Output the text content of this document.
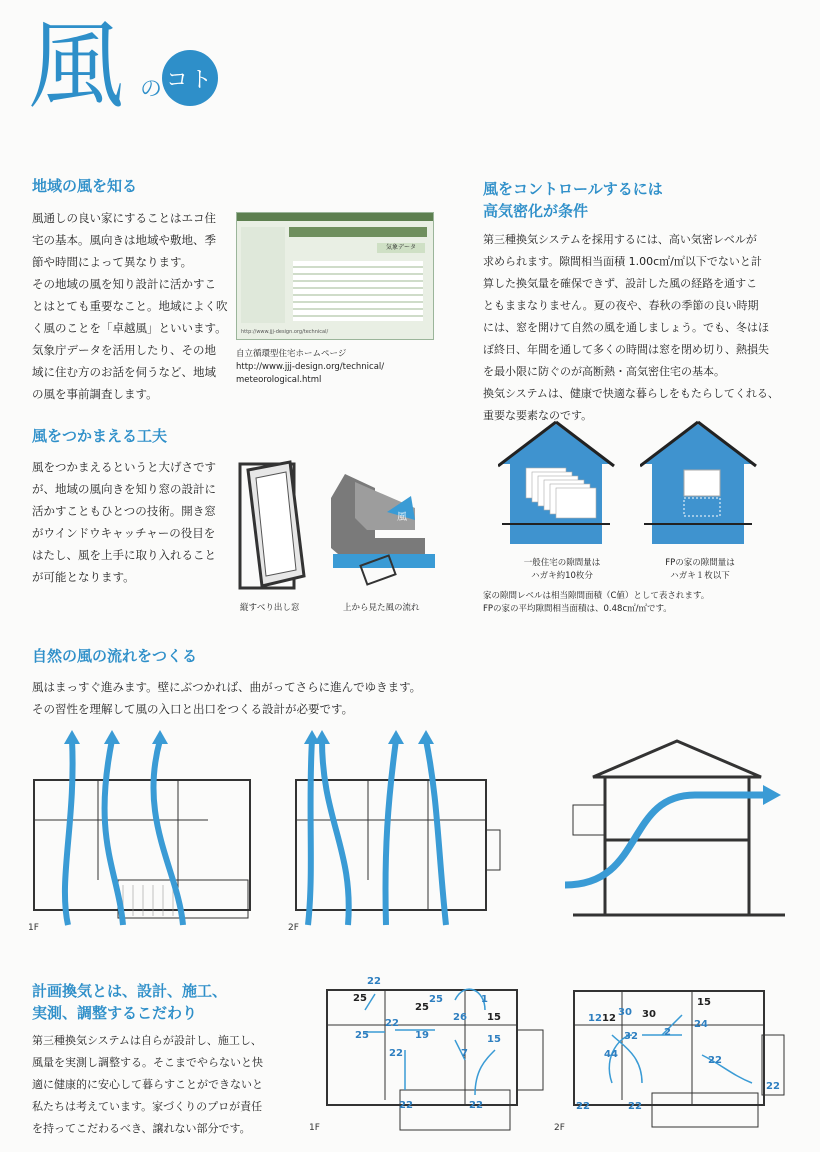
風 の コト
地域の風を知る
風通しの良い家にすることはエコ住
宅の基本。風向きは地域や敷地、季
節や時間によって異なります。
その地域の風を知り設計に活かすこ
とはとても重要なこと。地域によく吹
く風のことを「卓越風」といいます。
気象庁データを活用したり、その地
域に住む方のお話を伺うなど、地域
の風を事前調査します。
気象データ
http://www.jjj-design.org/technical/
自立循環型住宅ホームページ
http://www.jjj-design.org/technical/
meteorological.html
風をつかまえる工夫
風をつかまえるというと大げさです
が、地域の風向きを知り窓の設計に
活かすこともひとつの技術。開き窓
がウインドウキャッチャーの役目を
はたし、風を上手に取り入れること
が可能となります。
風
縦すべり出し窓	上から見た風の流れ
風をコントロールするには
高気密化が条件
第三種換気システムを採用するには、高い気密レベルが
求められます。隙間相当面積 1.00c㎡/㎡以下でないと計
算した換気量を確保できず、設計した風の経路を通すこ
ともままなりません。夏の夜や、春秋の季節の良い時期
には、窓を開けて自然の風を通しましょう。でも、冬はほ
ぼ終日、年間を通して多くの時間は窓を閉め切り、熱損失
を最小限に防ぐのが高断熱・高気密住宅の基本。
換気システムは、健康で快適な暮らしをもたらしてくれる、
重要な要素なのです。
一般住宅の隙間量は
ハガキ約10枚分
FPの家の隙間量は
ハガキ１枚以下
家の隙間レベルは相当隙間面積（C値）として表されます。
FPの家の平均隙間相当面積は、0.48c㎡/㎡です。
自然の風の流れをつくる
風はまっすぐ進みます。壁にぶつかれば、曲がってさらに進んでゆきます。
その習性を理解して風の入口と出口をつくる設計が必要です。
1F	2F
計画換気とは、設計、施工、
実測、調整するこだわり
第三種換気システムは自らが設計し、施工し、
風量を実測し調整する。そこまでやらないと快
適に健康的に安心して暮らすことができないと
私たちは考えています。家づくりのプロが責任
を持ってこだわるべき、譲れない部分です。
22
25
25
25	1
26 15
25
22
19
22	7
15
22	22
1F
30
15
30
12 12
24
32	2
44
22
22
22	22
2F
